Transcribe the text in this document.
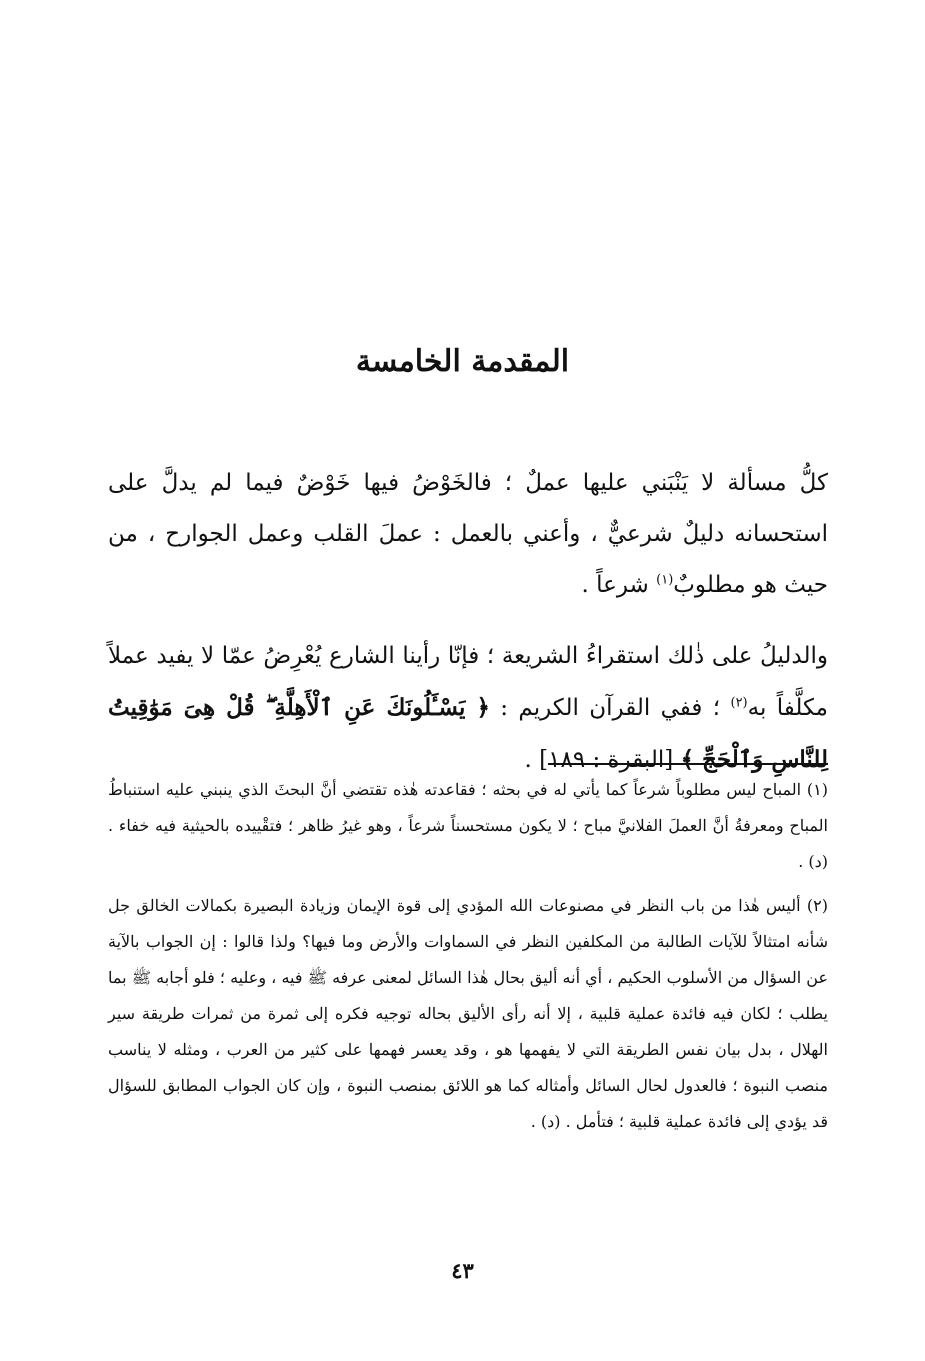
المقدمة الخامسة

كلُّ مسألة لا يَنْبَني عليها عملٌ ؛ فالخَوْضُ فيها خَوْضٌ فيما لم يدلَّ على استحسانه دليلٌ شرعيٌّ ، وأعني بالعمل : عملَ القلب وعمل الجوارح ، من حيث هو مطلوبٌ$^{(١)}$ شرعاً .

والدليلُ على ذٰلك استقراءُ الشريعة ؛ فإنّا رأينا الشارع يُعْرِضُ عمّا لا يفيد عملاً مكلَّفاً به$^{(٢)}$ ؛ ففي القرآن الكريم : ﴿ يَسْـَٔلُونَكَ عَنِ ٱلْأَهِلَّةِ ۖ قُلْ هِىَ مَوَٰقِيتُ لِلنَّاسِ وَٱلْحَجِّ ﴾ [البقرة : ١٨٩] .

(١) المباح ليس مطلوباً شرعاً كما يأتي له في بحثه ؛ فقاعدته هٰذه تقتضي أنَّ البحثَ الذي ينبني عليه استنباطُ المباح ومعرفةُ أنَّ العملَ الفلانيَّ مباح ؛ لا يكون مستحسناً شرعاً ، وهو غيرُ ظاهر ؛ فتقْييده بالحيثية فيه خفاء . (د) .

(٢) أليس هٰذا من باب النظر في مصنوعات الله المؤدي إلى قوة الإيمان وزيادة البصيرة بكمالات الخالق جل شأنه امتثالاً للآيات الطالبة من المكلفين النظر في السماوات والأرض وما فيها؟ ولذا قالوا : إن الجواب بالآية عن السؤال من الأسلوب الحكيم ، أي أنه أليق بحال هٰذا السائل لمعنى عرفه ﷺ فيه ، وعليه ؛ فلو أجابه ﷺ بما يطلب ؛ لكان فيه فائدة عملية قلبية ، إلا أنه رأى الأليق بحاله توجيه فكره إلى ثمرة من ثمرات طريقة سير الهلال ، بدل بيان نفس الطريقة التي لا يفهمها هو ، وقد يعسر فهمها على كثير من العرب ، ومثله لا يناسب منصب النبوة ؛ فالعدول لحال السائل وأمثاله كما هو اللائق بمنصب النبوة ، وإن كان الجواب المطابق للسؤال قد يؤدي إلى فائدة عملية قلبية ؛ فتأمل . (د) .

٤٣
